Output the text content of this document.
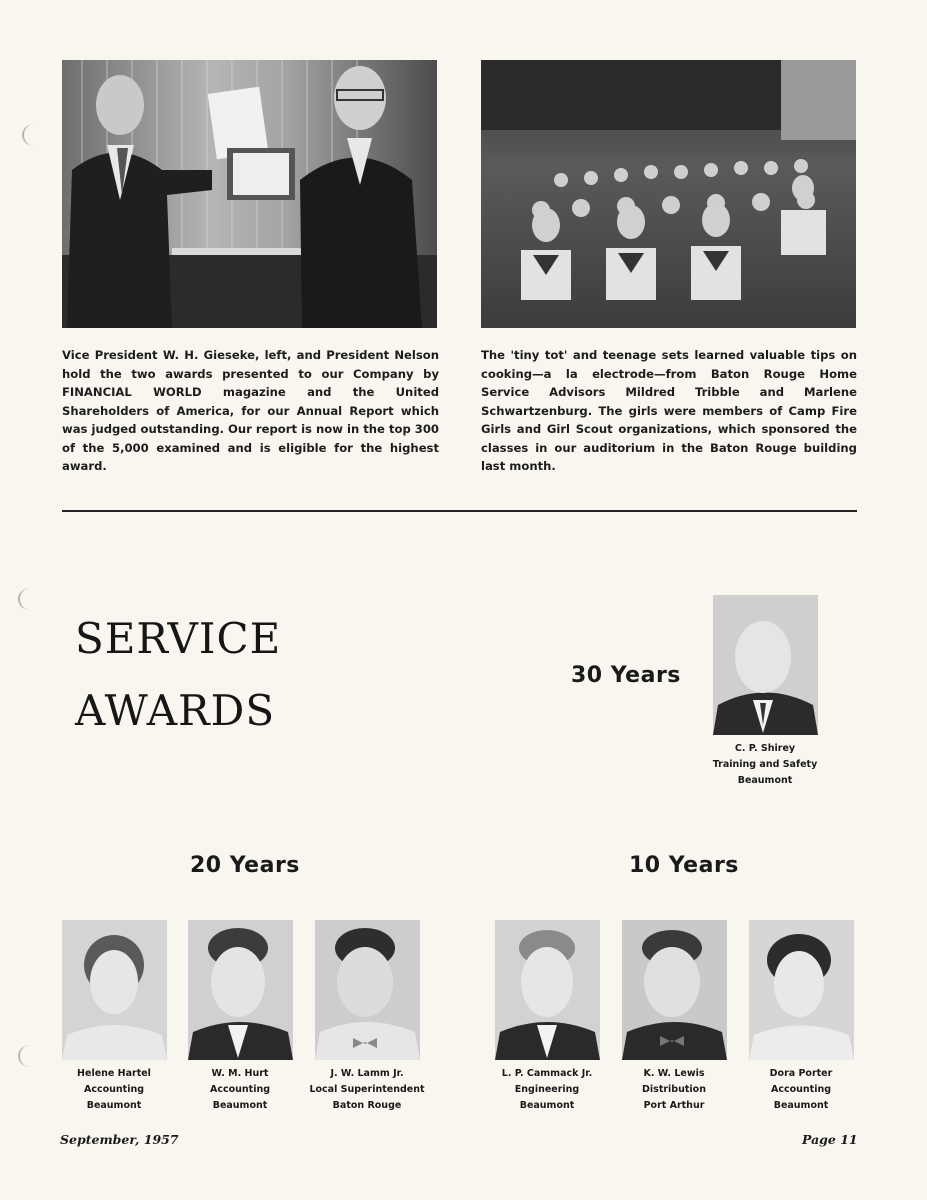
Vice President W. H. Gieseke, left, and President Nelson hold the two awards presented to our Company by FINANCIAL WORLD magazine and the United Shareholders of America, for our Annual Report which was judged outstanding. Our report is now in the top 300 of the 5,000 examined and is eligible for the highest award.
The 'tiny tot' and teenage sets learned valuable tips on cooking—a la electrode—from Baton Rouge Home Service Advisors Mildred Tribble and Marlene Schwartzenburg. The girls were members of Camp Fire Girls and Girl Scout organizations, which sponsored the classes in our auditorium in the Baton Rouge building last month.
SERVICE
AWARDS
30 Years
C. P. Shirey
Training and Safety
Beaumont
20 Years
Helene Hartel
Accounting
Beaumont
W. M. Hurt
Accounting
Beaumont
J. W. Lamm Jr.
Local Superintendent
Baton Rouge
10 Years
L. P. Cammack Jr.
Engineering
Beaumont
K. W. Lewis
Distribution
Port Arthur
Dora Porter
Accounting
Beaumont
September, 1957	Page 11
